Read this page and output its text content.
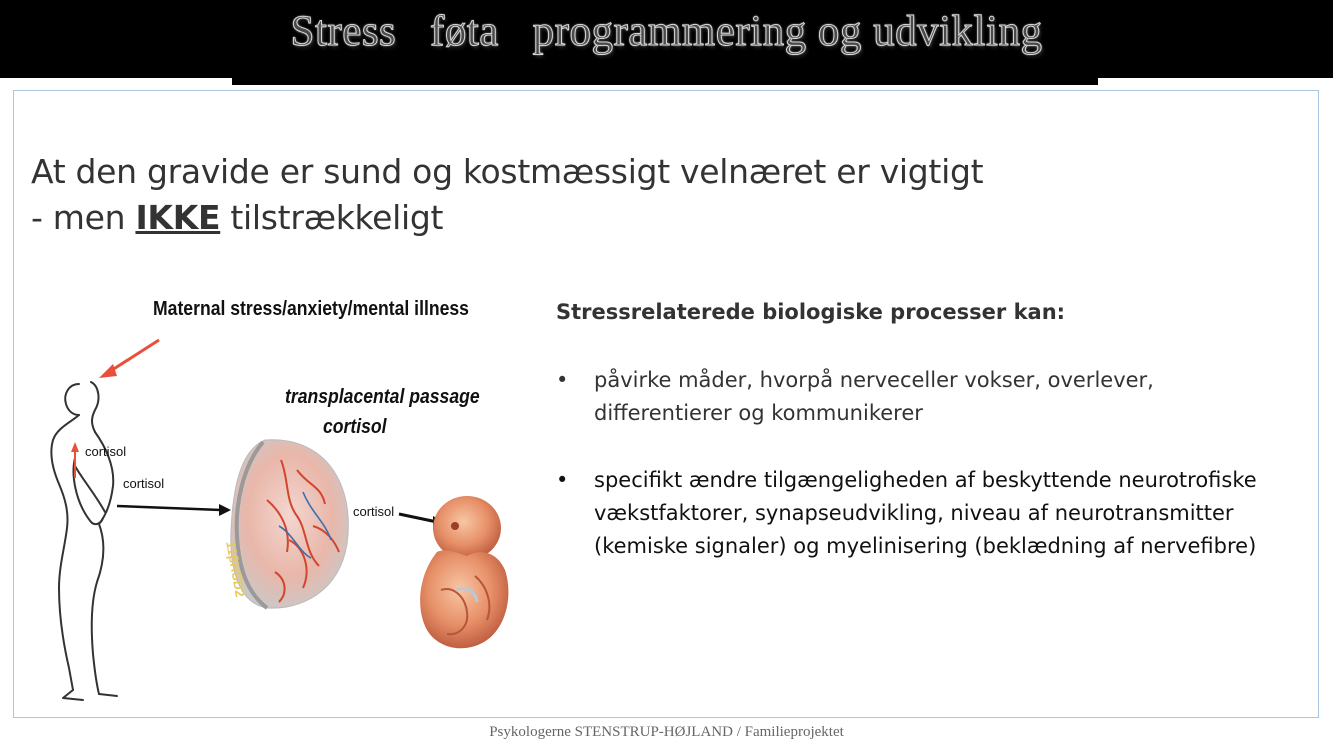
Stress   føta   programmering og udvikling
At den gravide er sund og kostmæssigt velnæret er vigtigt
- men IKKE tilstrækkeligt
Maternal stress/anxiety/mental illness
transplacental passage
cortisol
cortisol
cortisol
cortisol
11βHSD2
Stressrelaterede biologiske processer kan:
• påvirke måder, hvorpå nerveceller vokser, overlever, differentierer og kommunikerer
• specifikt ændre tilgængeligheden af beskyttende neurotrofiske vækstfaktorer, synapseudvikling, niveau af neurotransmitter (kemiske signaler) og myelinisering (beklædning af nervefibre)
Psykologerne STENSTRUP-HØJLAND / Familieprojektet
